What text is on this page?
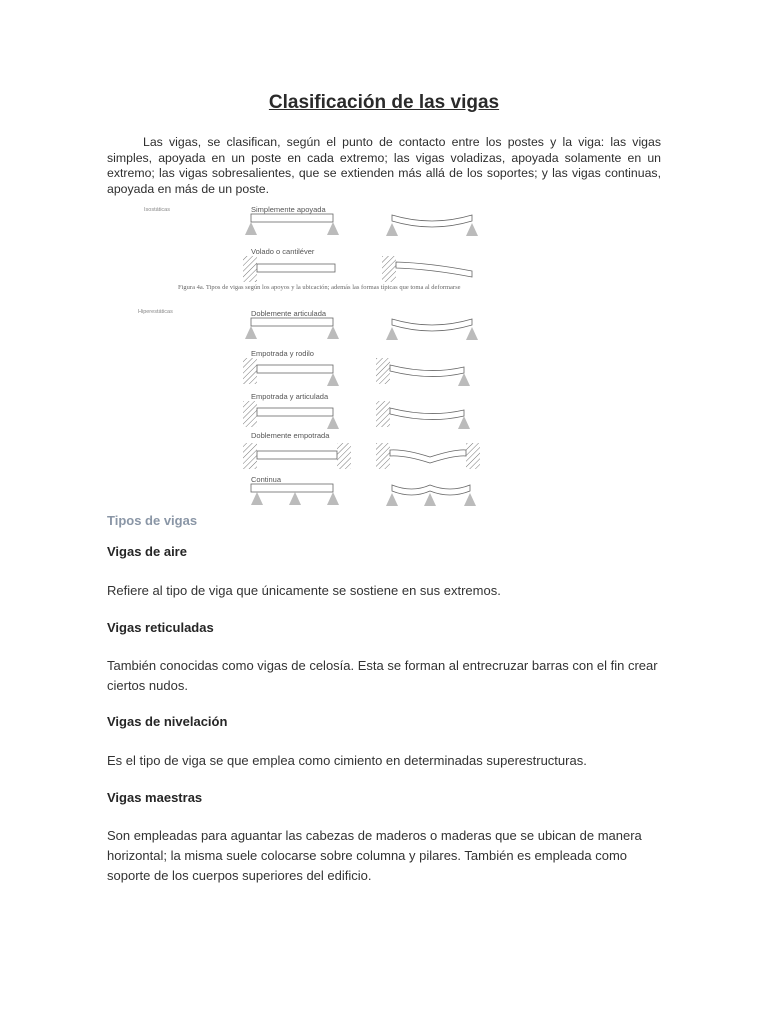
Clasificación de las vigas

Las vigas, se clasifican, según el punto de contacto entre los postes y la viga: las vigas simples, apoyada en un poste en cada extremo; las vigas voladizas, apoyada solamente en un extremo; las vigas sobresalientes, que se extienden más allá de los soportes; y las vigas continuas, apoyada en más de un poste.

Isostáticas
Hiperestáticas
Simplemente apoyada
Volado o cantiléver
Figura 4a. Tipos de vigas según los apoyos y la ubicación; además las formas típicas que toma al deformarse
Doblemente articulada
Empotrada y rodilo
Empotrada y articulada
Doblemente empotrada
Continua
Tipos de vigas
Vigas de aire

Refiere al tipo de viga que únicamente se sostiene en sus extremos.

Vigas reticuladas

También conocidas como vigas de celosía. Esta se forman al entrecruzar barras con el fin crear ciertos nudos.

Vigas de nivelación

Es el tipo de viga se que emplea como cimiento en determinadas superestructuras.

Vigas maestras

Son empleadas para aguantar las cabezas de maderos o maderas que se ubican de manera horizontal; la misma suele colocarse sobre columna y pilares. También es empleada como soporte de los cuerpos superiores del edificio.
